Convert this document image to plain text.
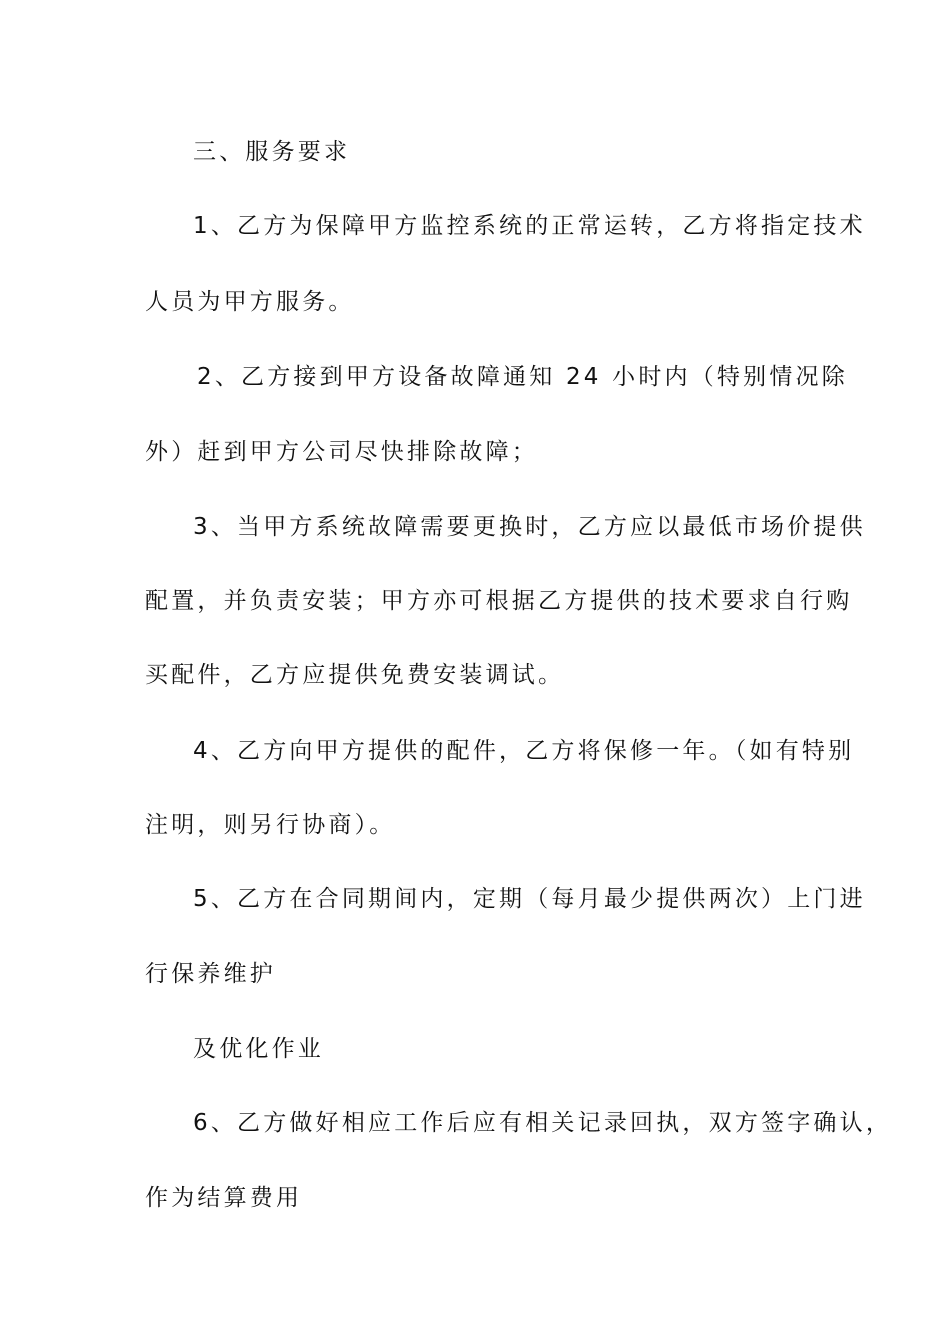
三、服务要求
1、乙方为保障甲方监控系统的正常运转，乙方将指定技术
人员为甲方服务。
2、乙方接到甲方设备故障通知 24 小时内（特别情况除
外）赶到甲方公司尽快排除故障；
3、当甲方系统故障需要更换时，乙方应以最低市场价提供
配置，并负责安装；甲方亦可根据乙方提供的技术要求自行购
买配件，乙方应提供免费安装调试。
4、乙方向甲方提供的配件，乙方将保修一年。（如有特别
注明，则另行协商）。
5、乙方在合同期间内，定期（每月最少提供两次）上门进
行保养维护
及优化作业
6、乙方做好相应工作后应有相关记录回执，双方签字确认，
作为结算费用
